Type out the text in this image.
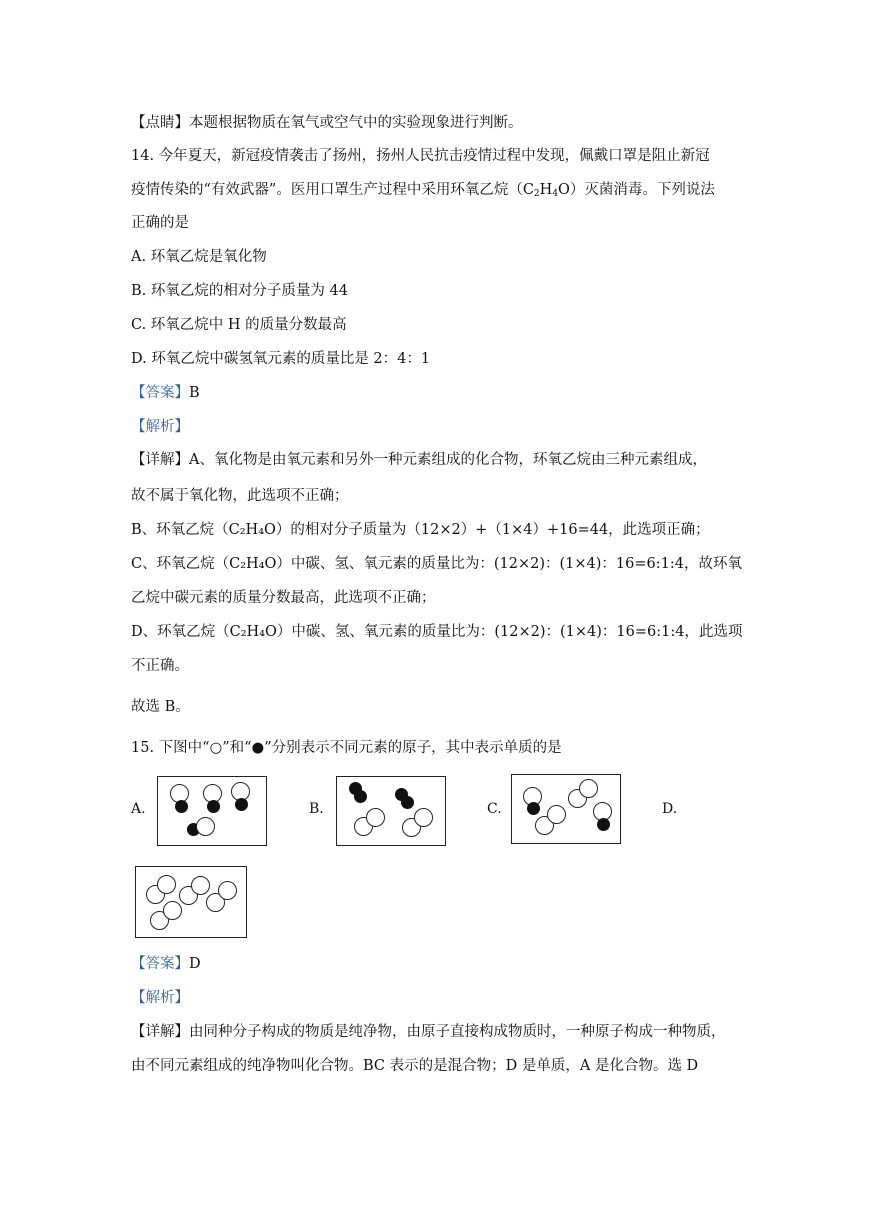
【点睛】本题根据物质在氧气或空气中的实验现象进行判断。
14. 今年夏天，新冠疫情袭击了扬州，扬州人民抗击疫情过程中发现，佩戴口罩是阻止新冠
疫情传染的“有效武器”。医用口罩生产过程中采用环氧乙烷$(C_2H_4O)$灭菌消毒。下列说法
正确的是
A. 环氧乙烷是氧化物
B. 环氧乙烷的相对分子质量为 44
C. 环氧乙烷中 H 的质量分数最高
D. 环氧乙烷中碳氢氧元素的质量比是 2：4：1
【答案】B
【解析】
【详解】A、氧化物是由氧元素和另外一种元素组成的化合物，环氧乙烷由三种元素组成，
故不属于氧化物，此选项不正确；
B、环氧乙烷（C₂H₄O）的相对分子质量为（12×2）+（1×4）+16=44，此选项正确；
C、环氧乙烷（C₂H₄O）中碳、氢、氧元素的质量比为：(12×2)：(1×4)：16=6:1:4，故环氧
乙烷中碳元素的质量分数最高，此选项不正确；
D、环氧乙烷（C₂H₄O）中碳、氢、氧元素的质量比为：(12×2)：(1×4)：16=6:1:4，此选项
不正确。
故选 B。
15. 下图中“○”和“●”分别表示不同元素的原子，其中表示单质的是
A.	B.	C.	D.
【答案】D
【解析】
【详解】由同种分子构成的物质是纯净物，由原子直接构成物质时，一种原子构成一种物质，
由不同元素组成的纯净物叫化合物。BC 表示的是混合物；D 是单质，A 是化合物。选 D
